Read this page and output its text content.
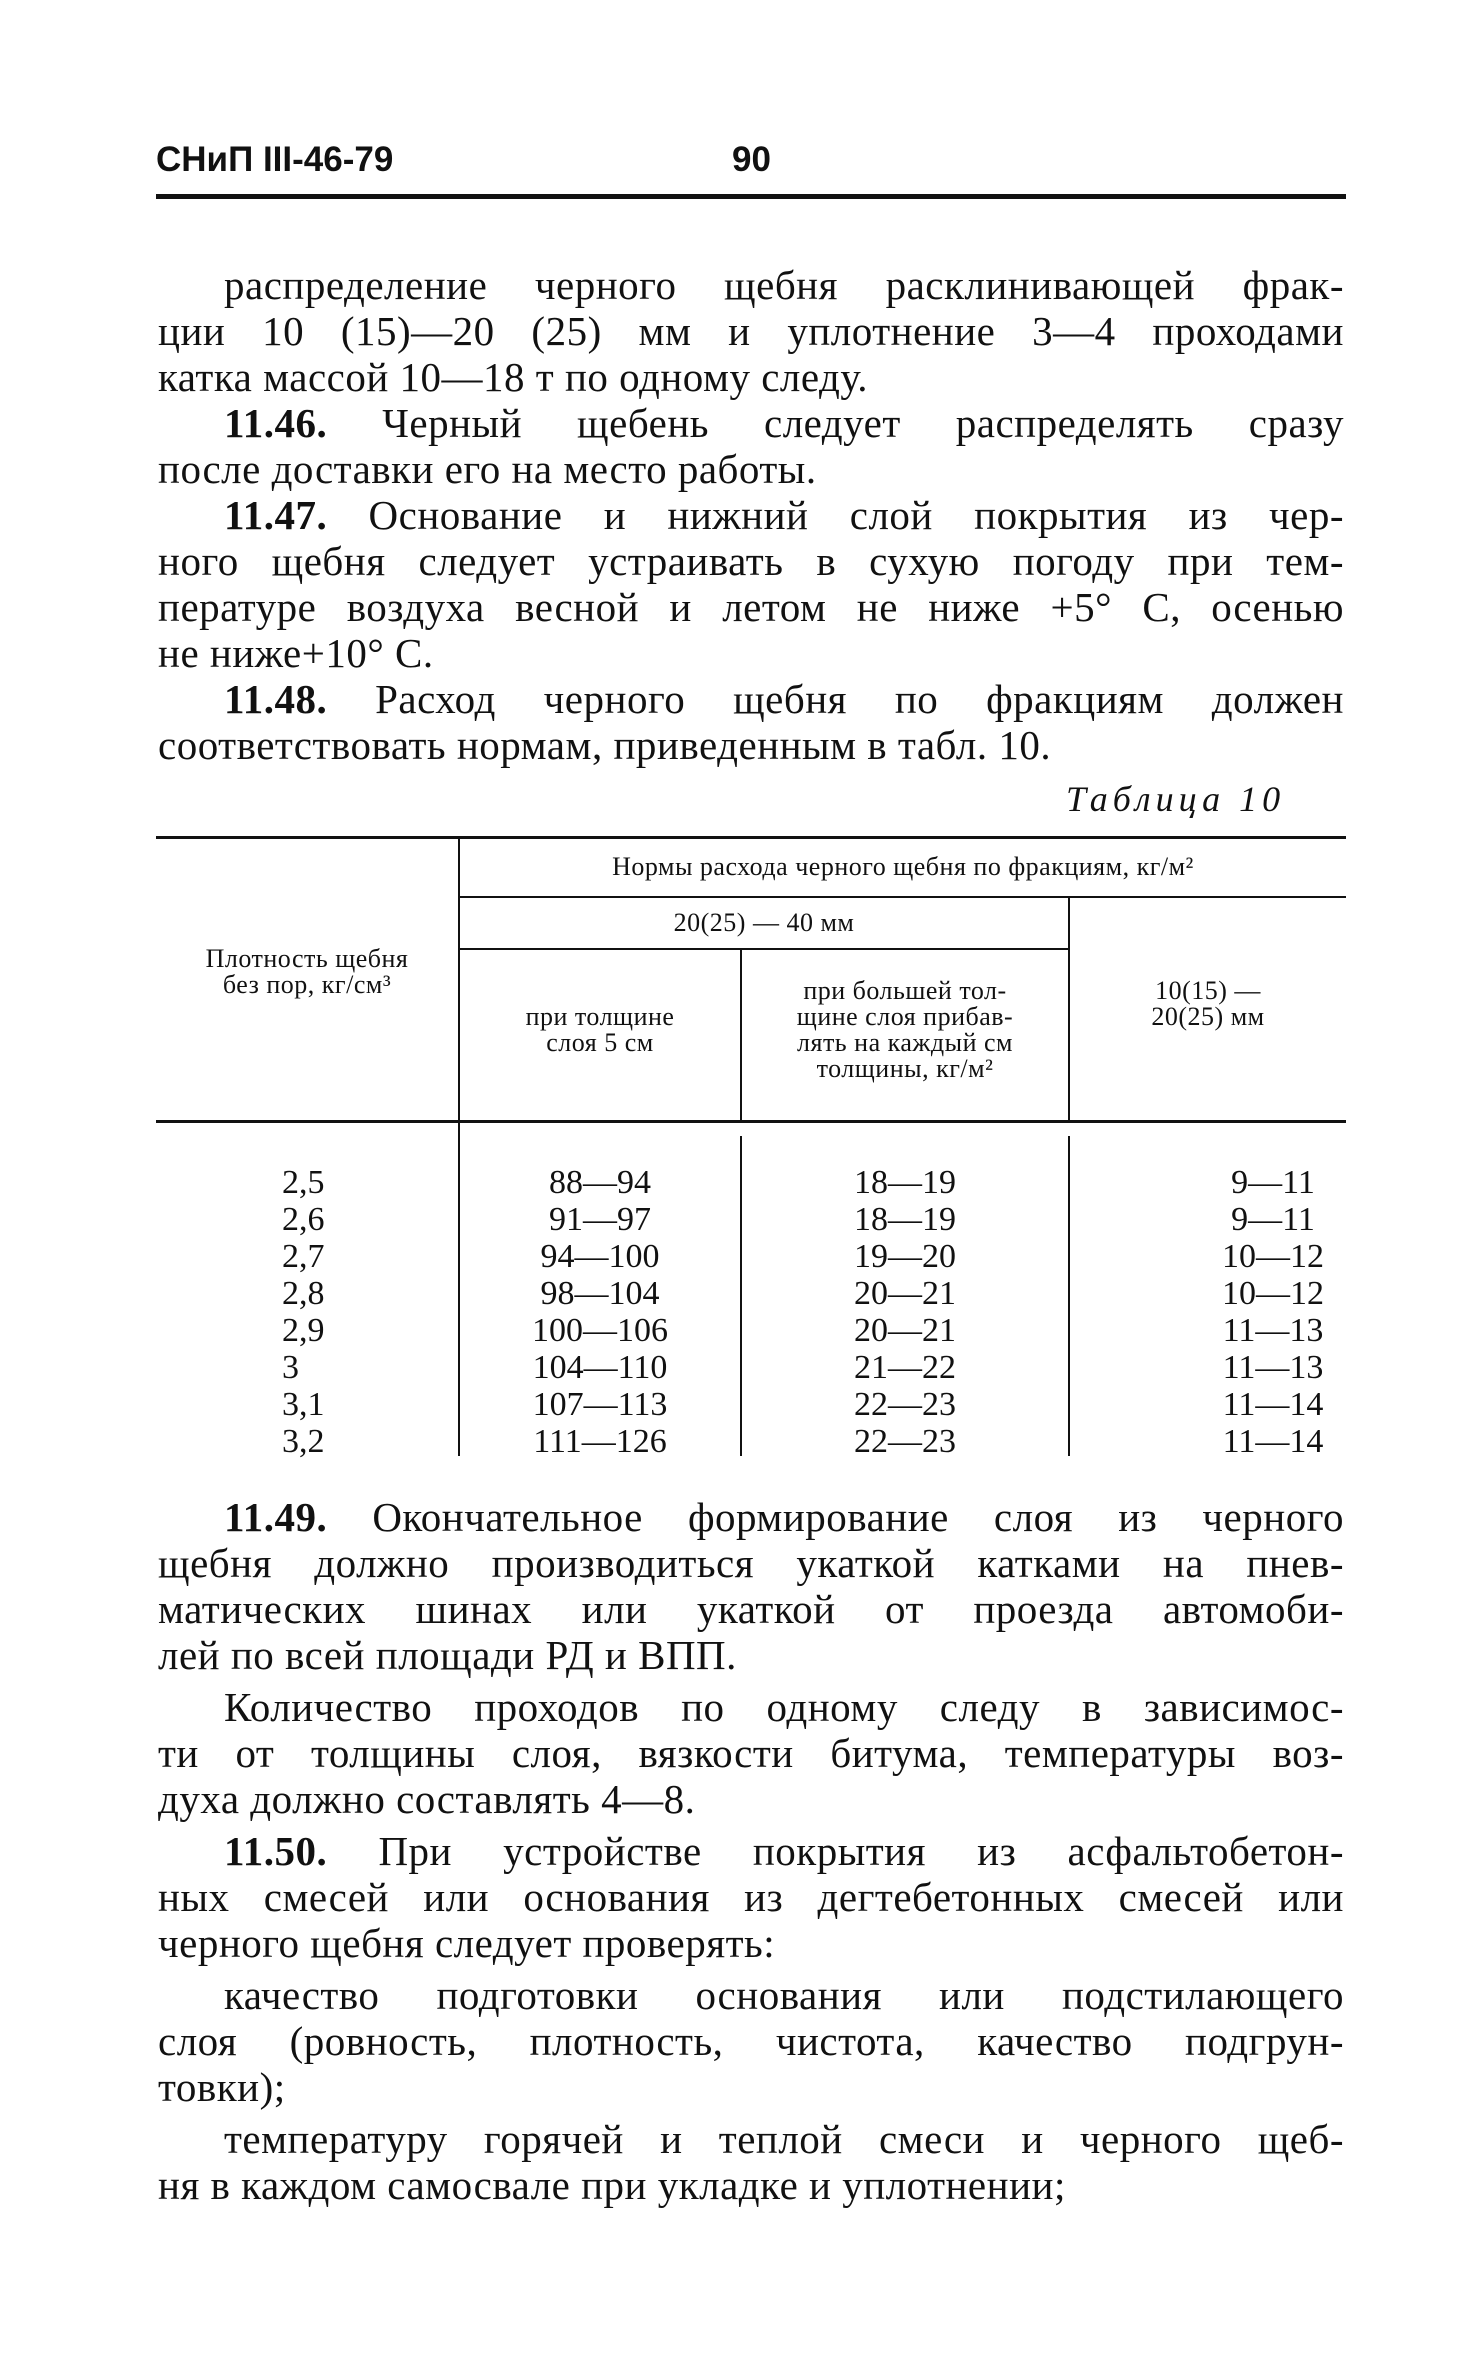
СНиП III-46-79	90
распределение черного щебня расклинивающей фрак-
ции 10 (15)—20 (25) мм и уплотнение 3—4 проходами
катка массой 10—18 т по одному следу.
11.46. Черный щебень следует распределять сразу
после доставки его на место работы.
11.47. Основание и нижний слой покрытия из чер-
ного щебня следует устраивать в сухую погоду при тем-
пературе воздуха весной и летом не ниже +5° С, осенью
не ниже+10° С.
11.48. Расход черного щебня по фракциям должен
соответствовать нормам, приведенным в табл. 10.
Таблица 10
Плотность щебня
без пор, кг/см³
Нормы расхода черного щебня по фракциям, кг/м²
20(25) — 40 мм
при толщине
слоя 5 см
при большей тол-
щине слоя прибав-
лять на каждый см
толщины, кг/м²
10(15) —
20(25) мм
2,5
2,6
2,7
2,8
2,9
3
3,1
3,2
88—94
91—97
94—100
98—104
100—106
104—110
107—113
111—126
18—19
18—19
19—20
20—21
20—21
21—22
22—23
22—23
9—11
9—11
10—12
10—12
11—13
11—13
11—14
11—14
11.49. Окончательное формирование слоя из черного
щебня должно производиться укаткой катками на пнев-
матических шинах или укаткой от проезда автомоби-
лей по всей площади РД и ВПП.
Количество проходов по одному следу в зависимос-
ти от толщины слоя, вязкости битума, температуры воз-
духа должно составлять 4—8.
11.50. При устройстве покрытия из асфальтобетон-
ных смесей или основания из дегтебетонных смесей или
черного щебня следует проверять:
качество подготовки основания или подстилающего
слоя (ровность, плотность, чистота, качество подгрун-
товки);
температуру горячей и теплой смеси и черного щеб-
ня в каждом самосвале при укладке и уплотнении;
